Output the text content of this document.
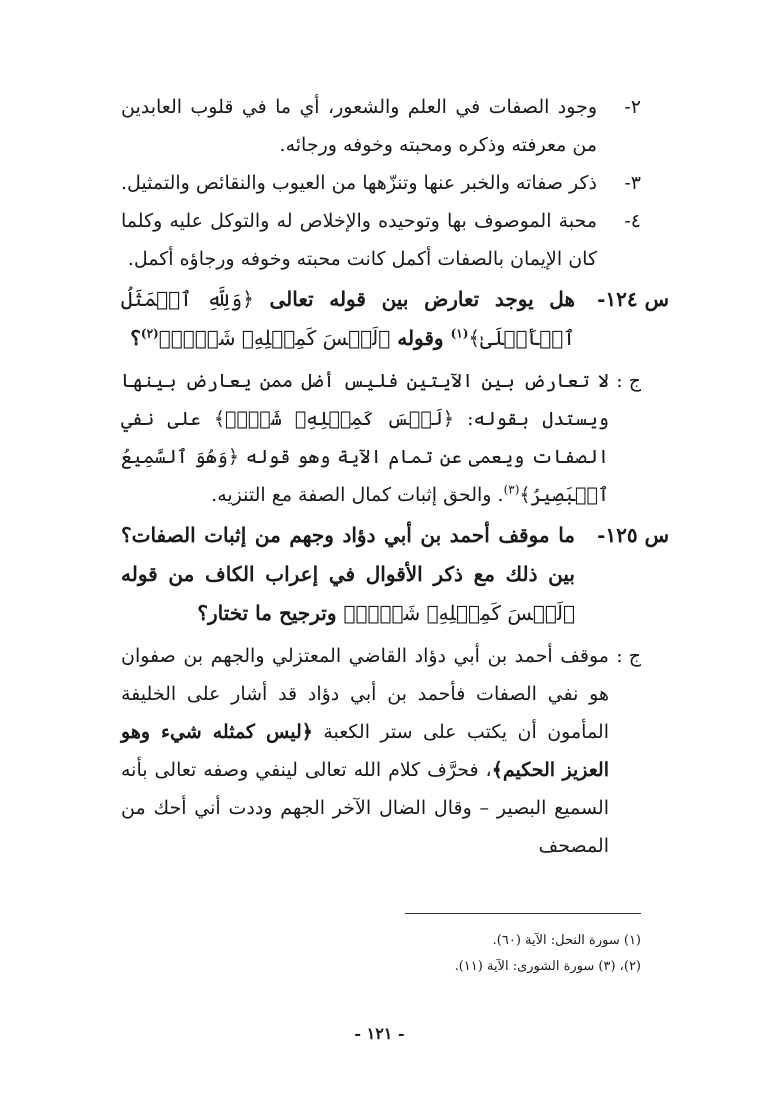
٢-
وجود الصفات في العلم والشعور، أي ما في قلوب العابدين من معرفته وذكره ومحبته وخوفه ورجائه.
٣-
ذكر صفاته والخبر عنها وتنزّهها من العيوب والنقائص والتمثيل.
٤-
محبة الموصوف بها وتوحيده والإخلاص له والتوكل عليه وكلما كان الإيمان بالصفات أكمل كانت محبته وخوفه ورجاؤه أكمل.
س ١٢٤-
هل يوجد تعارض بين قوله تعالى ﴿وَلِلَّهِ ٱلۡمَثَلُ ٱلۡأَعۡلَىٰ﴾$^{(١)}$ وقوله ﴿لَيۡسَ كَمِثۡلِهِۦ شَيۡءٞ﴾$^{(٢)}$؟
ج :
لا تعارض بين الآيتين فليس أضل ممن يعارض بينها ويستدل بقوله: ﴿لَيۡسَ كَمِثۡلِهِۦ شَيۡءٞ﴾ على نفي الصفات ويعمى عن تمام الآية وهو قوله ﴿وَهُوَ ٱلسَّمِيعُ ٱلۡبَصِيرُ﴾$^{(٣)}$. والحق إثبات كمال الصفة مع التنزيه.
س ١٢٥-
ما موقف أحمد بن أبي دؤاد وجهم من إثبات الصفات؟ بين ذلك مع ذكر الأقوال في إعراب الكاف من قوله ﴿لَيۡسَ كَمِثۡلِهِۦ شَيۡءٞ﴾ وترجيح ما تختار؟
ج :
موقف أحمد بن أبي دؤاد القاضي المعتزلي والجهم بن صفوان هو نفي الصفات فأحمد بن أبي دؤاد قد أشار على الخليفة المأمون أن يكتب على ستر الكعبة ﴿ليس كمثله شيء وهو العزيز الحكيم﴾، فحرَّف كلام الله تعالى لينفي وصفه تعالى بأنه السميع البصير – وقال الضال الآخر الجهم وددت أني أحك من المصحف
(١) سورة النحل: الآية (٦٠).
(٢)، (٣) سورة الشورى: الآية (١١).
- ١٢١ -
